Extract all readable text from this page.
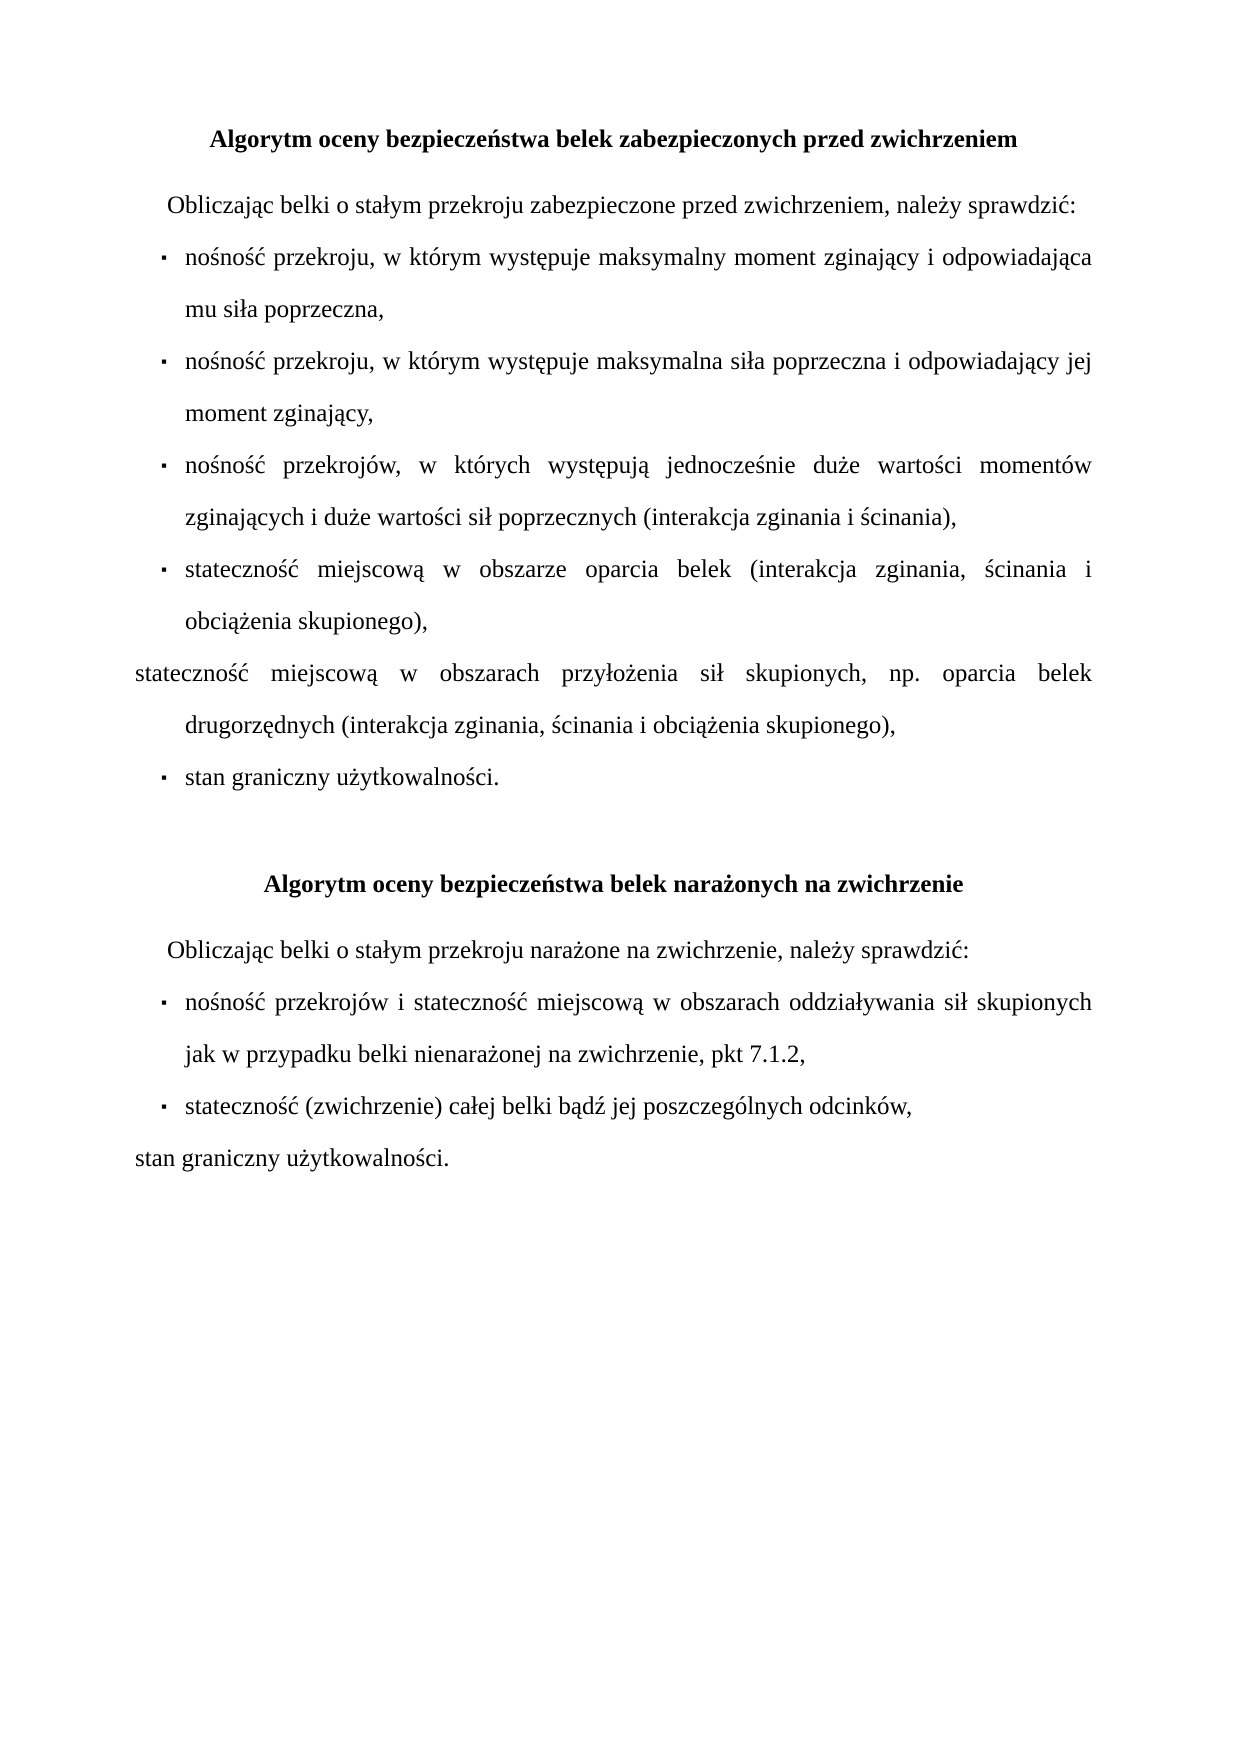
Algorytm oceny bezpieczeństwa belek zabezpieczonych przed zwichrzeniem

Obliczając belki o stałym przekroju zabezpieczone przed zwichrzeniem, należy sprawdzić:

▪ nośność przekroju, w którym występuje maksymalny moment zginający i odpowiadająca mu siła poprzeczna,
▪ nośność przekroju, w którym występuje maksymalna siła poprzeczna i odpowiadający jej moment zginający,
▪ nośność przekrojów, w których występują jednocześnie duże wartości momentów zginających i duże wartości sił poprzecznych (interakcja zginania i ścinania),
▪ stateczność miejscową w obszarze oparcia belek (interakcja zginania, ścinania i obciążenia skupionego),

stateczność miejscową w obszarach przyłożenia sił skupionych, np. oparcia belek drugorzędnych (interakcja zginania, ścinania i obciążenia skupionego),

▪ stan graniczny użytkowalności.
Algorytm oceny bezpieczeństwa belek narażonych na zwichrzenie

Obliczając belki o stałym przekroju narażone na zwichrzenie, należy sprawdzić:

▪ nośność przekrojów i stateczność miejscową w obszarach oddziaływania sił skupionych jak w przypadku belki nienarażonej na zwichrzenie, pkt 7.1.2,
▪ stateczność (zwichrzenie) całej belki bądź jej poszczególnych odcinków,

stan graniczny użytkowalności.
